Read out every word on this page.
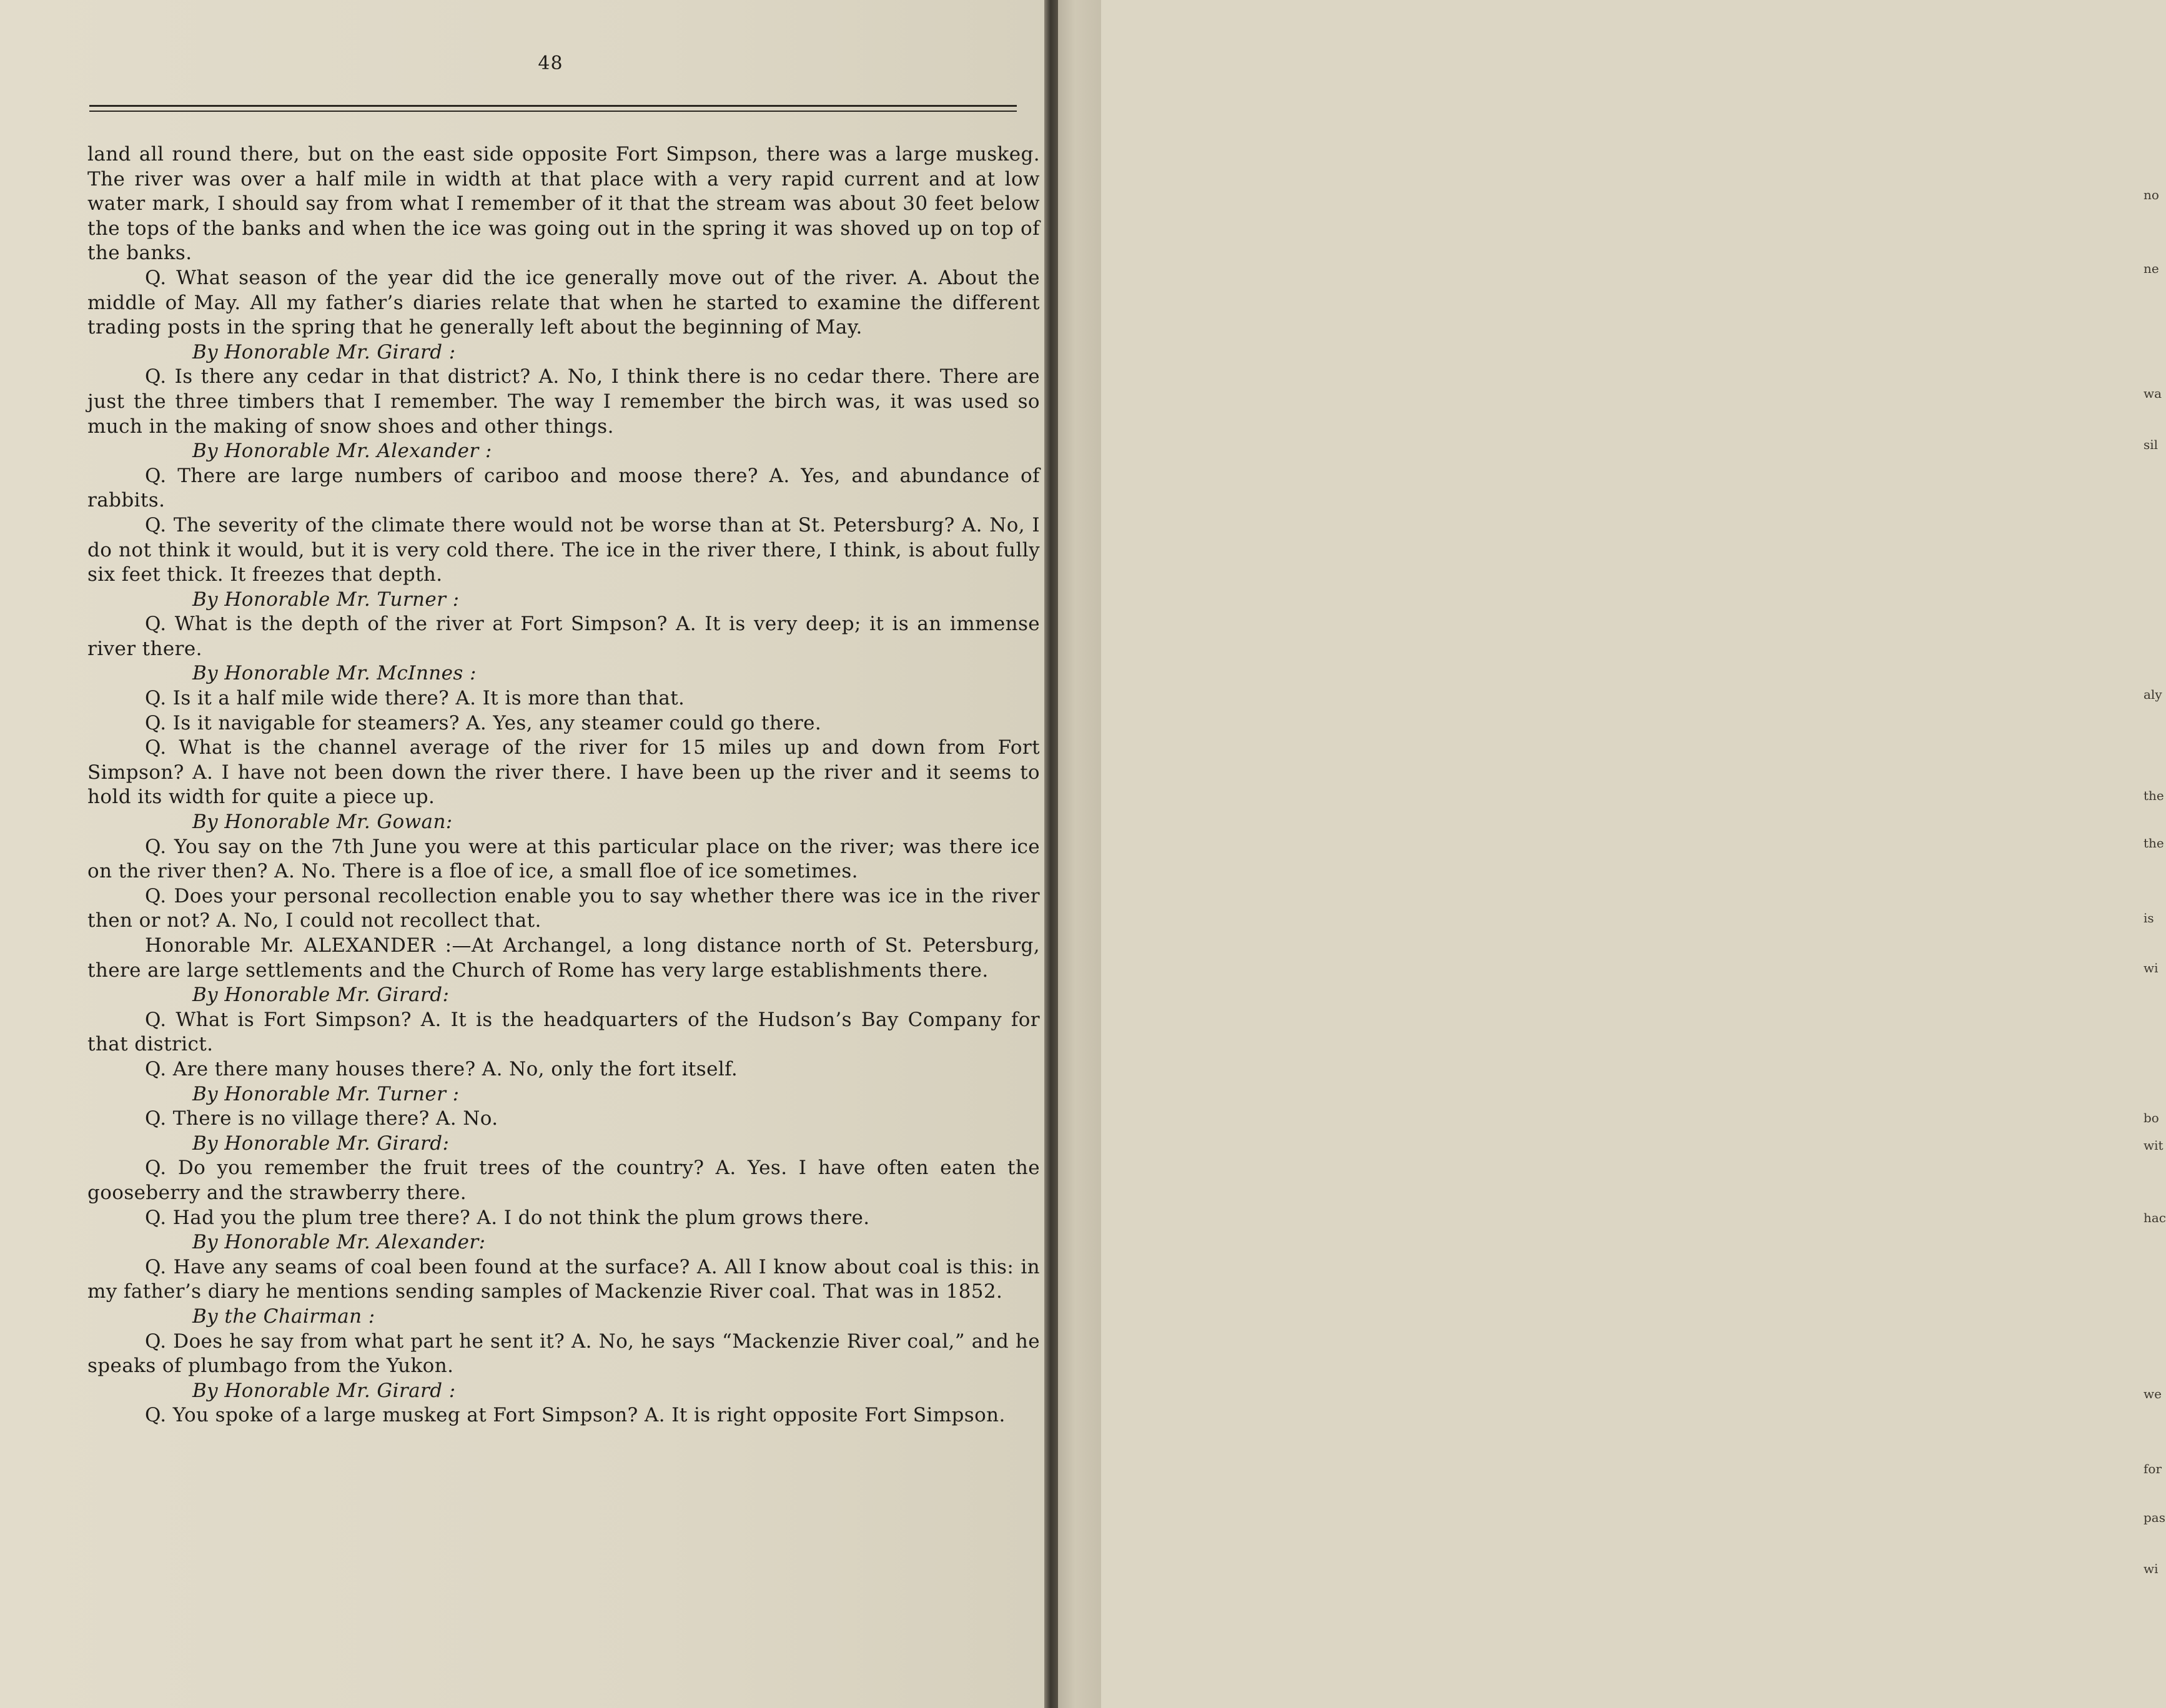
48

land all round there, but on the east side opposite Fort Simpson, there was a large muskeg. The river was over a half mile in width at that place with a very rapid current and at low water mark, I should say from what I remember of it that the stream was about 30 feet below the tops of the banks and when the ice was going out in the spring it was shoved up on top of the banks.

Q. What season of the year did the ice generally move out of the river. A. About the middle of May. All my father’s diaries relate that when he started to examine the different trading posts in the spring that he generally left about the beginning of May.

By Honorable Mr. Girard :

Q. Is there any cedar in that district? A. No, I think there is no cedar there. There are just the three timbers that I remember. The way I remember the birch was, it was used so much in the making of snow shoes and other things.

By Honorable Mr. Alexander :

Q. There are large numbers of cariboo and moose there? A. Yes, and abundance of rabbits.

Q. The severity of the climate there would not be worse than at St. Petersburg? A. No, I do not think it would, but it is very cold there. The ice in the river there, I think, is about fully six feet thick. It freezes that depth.

By Honorable Mr. Turner :

Q. What is the depth of the river at Fort Simpson? A. It is very deep; it is an immense river there.

By Honorable Mr. McInnes :

Q. Is it a half mile wide there? A. It is more than that.

Q. Is it navigable for steamers? A. Yes, any steamer could go there.

Q. What is the channel average of the river for 15 miles up and down from Fort Simpson? A. I have not been down the river there. I have been up the river and it seems to hold its width for quite a piece up.

By Honorable Mr. Gowan:

Q. You say on the 7th June you were at this particular place on the river; was there ice on the river then? A. No. There is a floe of ice, a small floe of ice sometimes.

Q. Does your personal recollection enable you to say whether there was ice in the river then or not? A. No, I could not recollect that.

Honorable Mr. ALEXANDER :—At Archangel, a long distance north of St. Petersburg, there are large settlements and the Church of Rome has very large establishments there.

By Honorable Mr. Girard:

Q. What is Fort Simpson? A. It is the headquarters of the Hudson’s Bay Company for that district.

Q. Are there many houses there? A. No, only the fort itself.

By Honorable Mr. Turner :

Q. There is no village there? A. No.

By Honorable Mr. Girard:

Q. Do you remember the fruit trees of the country? A. Yes. I have often eaten the gooseberry and the strawberry there.

Q. Had you the plum tree there? A. I do not think the plum grows there.

By Honorable Mr. Alexander:

Q. Have any seams of coal been found at the surface? A. All I know about coal is this: in my father’s diary he mentions sending samples of Mackenzie River coal. That was in 1852.

By the Chairman :

Q. Does he say from what part he sent it? A. No, he says “Mackenzie River coal,” and he speaks of plumbago from the Yukon.

By Honorable Mr. Girard :

Q. You spoke of a large muskeg at Fort Simpson? A. It is right opposite Fort Simpson.

no
ne
wa
sil
aly
the
the
is
wi
bo
wit
hac
we
for
pas
wi
